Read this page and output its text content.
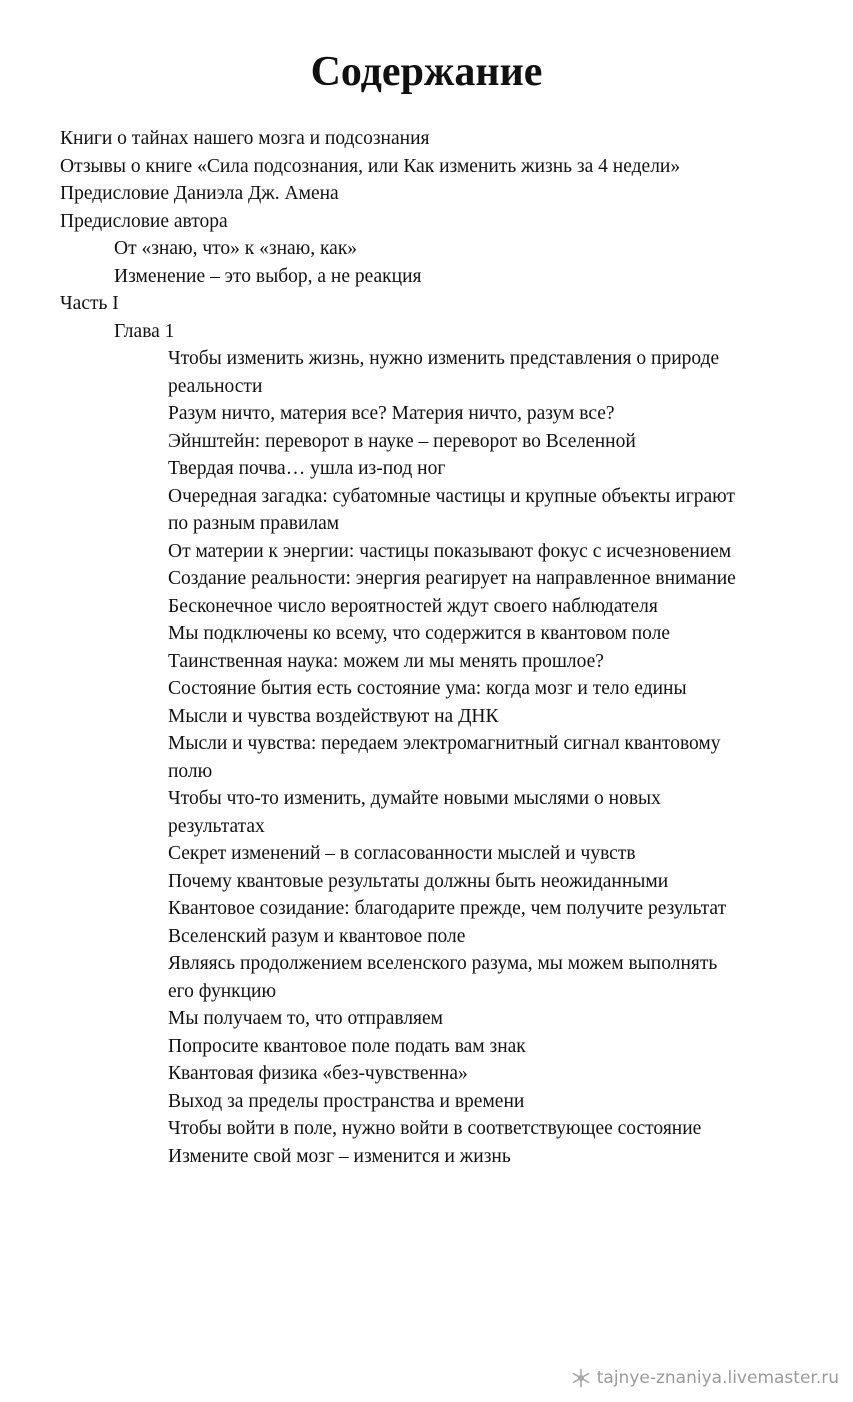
Содержание
Книги о тайнах нашего мозга и подсознания
Отзывы о книге «Сила подсознания, или Как изменить жизнь за 4 недели»
Предисловие Даниэла Дж. Амена
Предисловие автора
От «знаю, что» к «знаю, как»
Изменение – это выбор, а не реакция
Часть I
Глава 1
Чтобы изменить жизнь, нужно изменить представления о природе реальности
Разум ничто, материя все? Материя ничто, разум все?
Эйнштейн: переворот в науке – переворот во Вселенной
Твердая почва… ушла из-под ног
Очередная загадка: субатомные частицы и крупные объекты играют по разным правилам
От материи к энергии: частицы показывают фокус с исчезновением
Создание реальности: энергия реагирует на направленное внимание
Бесконечное число вероятностей ждут своего наблюдателя
Мы подключены ко всему, что содержится в квантовом поле
Таинственная наука: можем ли мы менять прошлое?
Состояние бытия есть состояние ума: когда мозг и тело едины
Мысли и чувства воздействуют на ДНК
Мысли и чувства: передаем электромагнитный сигнал квантовому полю
Чтобы что-то изменить, думайте новыми мыслями о новых результатах
Секрет изменений – в согласованности мыслей и чувств
Почему квантовые результаты должны быть неожиданными
Квантовое созидание: благодарите прежде, чем получите результат
Вселенский разум и квантовое поле
Являясь продолжением вселенского разума, мы можем выполнять его функцию
Мы получаем то, что отправляем
Попросите квантовое поле подать вам знак
Квантовая физика «без-чувственна»
Выход за пределы пространства и времени
Чтобы войти в поле, нужно войти в соответствующее состояние
Измените свой мозг – изменится и жизнь
tajnye-znaniya.livemaster.ru
